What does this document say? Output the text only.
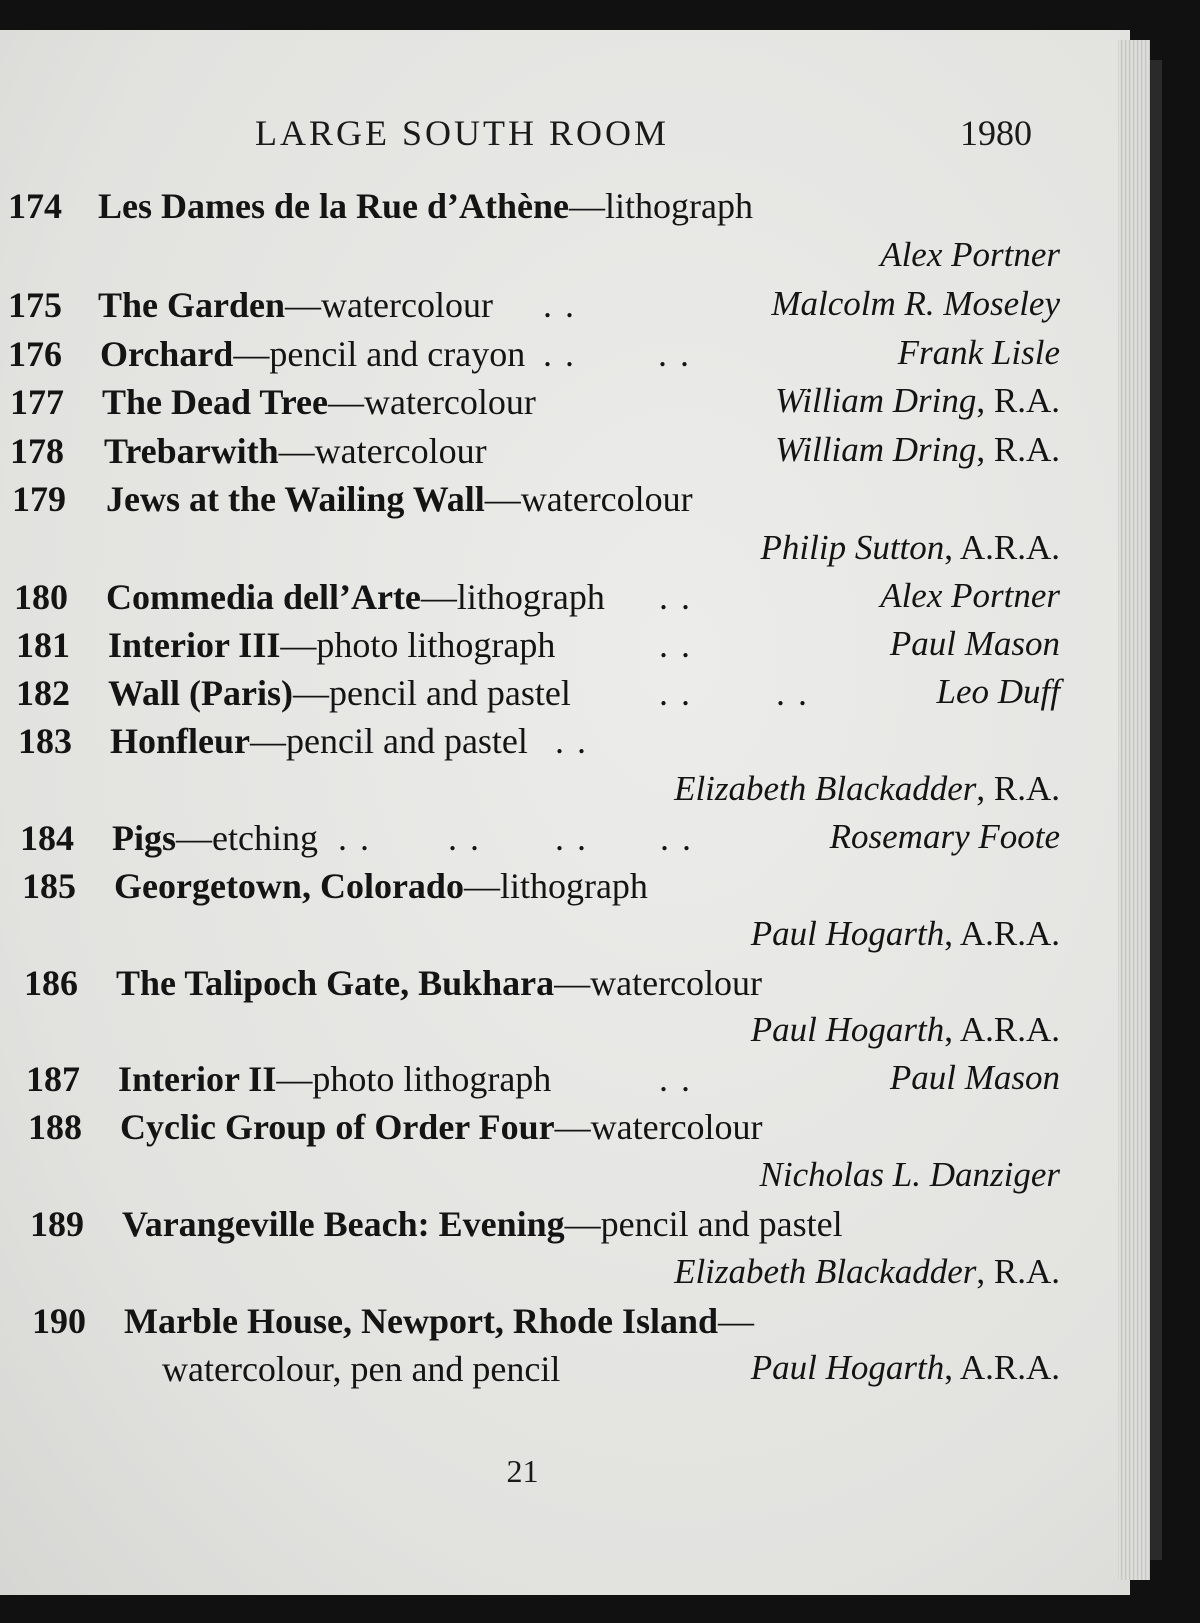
LARGE SOUTH ROOM	1980
174 Les Dames de la Rue d’Athène—lithograph
Alex Portner
175 The Garden—watercolour . .	Malcolm R. Moseley
176 Orchard—pencil and crayon . . . .	Frank Lisle
177 The Dead Tree—watercolour	William Dring, R.A.
178 Trebarwith—watercolour	William Dring, R.A.
179 Jews at the Wailing Wall—watercolour
Philip Sutton, A.R.A.
180 Commedia dell’Arte—lithograph . .	Alex Portner
181 Interior III—photo lithograph	. .	Paul Mason
182 Wall (Paris)—pencil and pastel . . . .	Leo Duff
183 Honfleur—pencil and pastel . .
Elizabeth Blackadder, R.A.
184 Pigs—etching . . . . . . . .	Rosemary Foote
185 Georgetown, Colorado—lithograph
Paul Hogarth, A.R.A.
186 The Talipoch Gate, Bukhara—watercolour
Paul Hogarth, A.R.A.
187 Interior II—photo lithograph	. .	Paul Mason
188 Cyclic Group of Order Four—watercolour
Nicholas L. Danziger
189 Varangeville Beach: Evening—pencil and pastel
Elizabeth Blackadder, R.A.
190 Marble House, Newport, Rhode Island—
watercolour, pen and pencil	Paul Hogarth, A.R.A.
21
